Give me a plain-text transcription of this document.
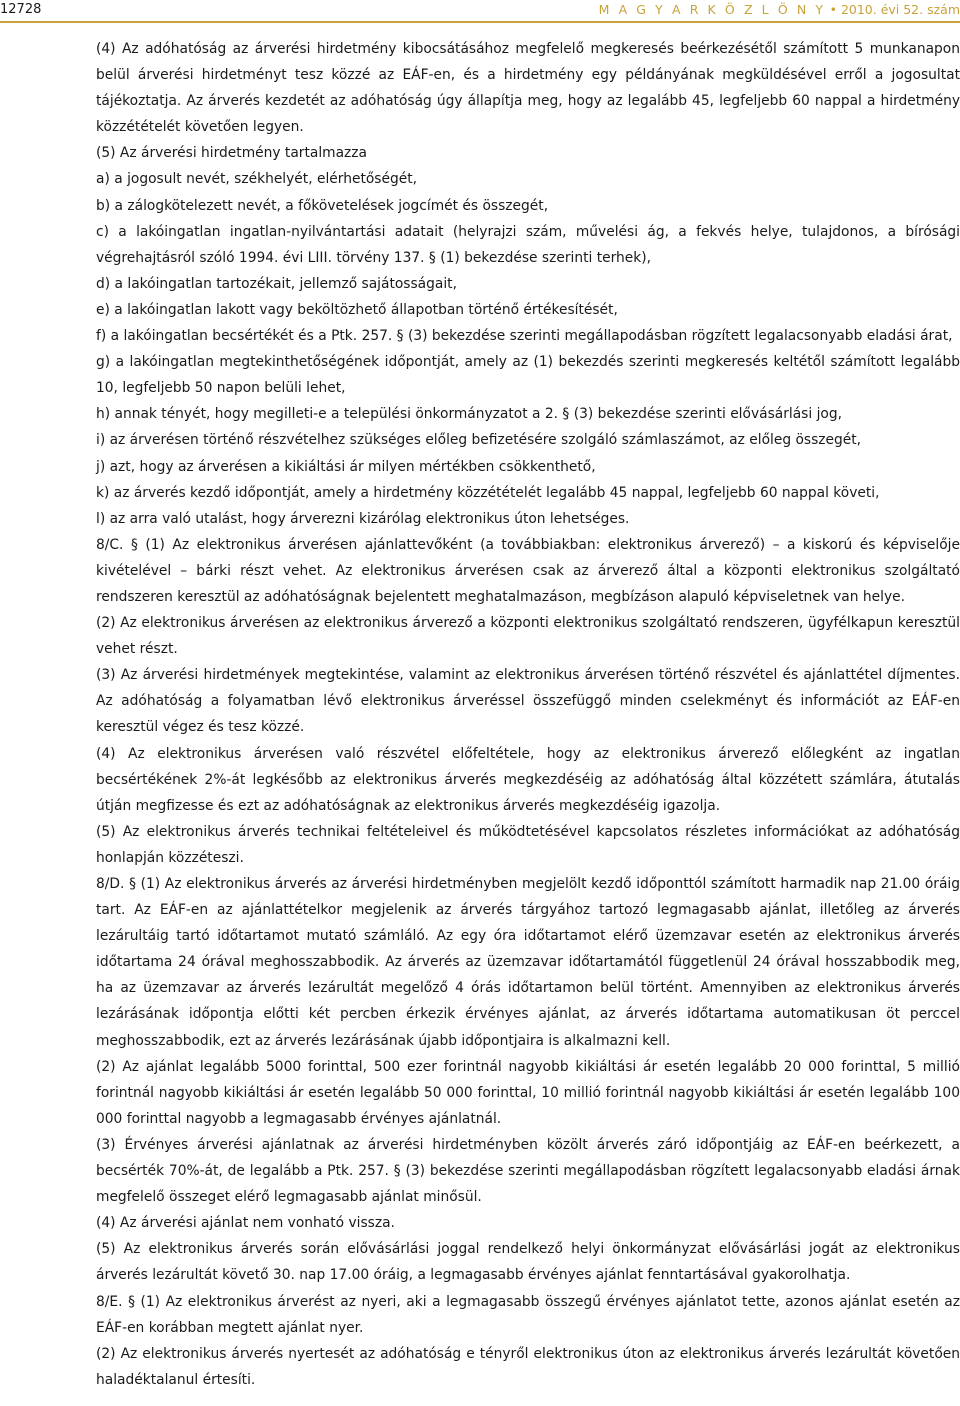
12728	M A G Y A R K Ö Z L Ö N Y • 2010. évi 52. szám

(4) Az adóhatóság az árverési hirdetmény kibocsátásához megfelelő megkeresés beérkezésétől számított 5 munkanapon belül árverési hirdetményt tesz közzé az EÁF-en, és a hirdetmény egy példányának megküldésével erről a jogosultat tájékoztatja. Az árverés kezdetét az adóhatóság úgy állapítja meg, hogy az legalább 45, legfeljebb 60 nappal a hirdetmény közzétételét követően legyen.

(5) Az árverési hirdetmény tartalmazza

a) a jogosult nevét, székhelyét, elérhetőségét,

b) a zálogkötelezett nevét, a főkövetelések jogcímét és összegét,

c) a lakóingatlan ingatlan-nyilvántartási adatait (helyrajzi szám, művelési ág, a fekvés helye, tulajdonos, a bírósági végrehajtásról szóló 1994. évi LIII. törvény 137. § (1) bekezdése szerinti terhek),

d) a lakóingatlan tartozékait, jellemző sajátosságait,

e) a lakóingatlan lakott vagy beköltözhető állapotban történő értékesítését,

f) a lakóingatlan becsértékét és a Ptk. 257. § (3) bekezdése szerinti megállapodásban rögzített legalacsonyabb eladási árat,

g) a lakóingatlan megtekinthetőségének időpontját, amely az (1) bekezdés szerinti megkeresés keltétől számított legalább 10, legfeljebb 50 napon belüli lehet,

h) annak tényét, hogy megilleti-e a települési önkormányzatot a 2. § (3) bekezdése szerinti elővásárlási jog,

i) az árverésen történő részvételhez szükséges előleg befizetésére szolgáló számlaszámot, az előleg összegét,

j) azt, hogy az árverésen a kikiáltási ár milyen mértékben csökkenthető,

k) az árverés kezdő időpontját, amely a hirdetmény közzétételét legalább 45 nappal, legfeljebb 60 nappal követi,

l) az arra való utalást, hogy árverezni kizárólag elektronikus úton lehetséges.

8/C. § (1) Az elektronikus árverésen ajánlattevőként (a továbbiakban: elektronikus árverező) – a kiskorú és képviselője kivételével – bárki részt vehet. Az elektronikus árverésen csak az árverező által a központi elektronikus szolgáltató rendszeren keresztül az adóhatóságnak bejelentett meghatalmazáson, megbízáson alapuló képviseletnek van helye.

(2) Az elektronikus árverésen az elektronikus árverező a központi elektronikus szolgáltató rendszeren, ügyfélkapun keresztül vehet részt.

(3) Az árverési hirdetmények megtekintése, valamint az elektronikus árverésen történő részvétel és ajánlattétel díjmentes. Az adóhatóság a folyamatban lévő elektronikus árveréssel összefüggő minden cselekményt és információt az EÁF-en keresztül végez és tesz közzé.

(4) Az elektronikus árverésen való részvétel előfeltétele, hogy az elektronikus árverező előlegként az ingatlan becsértékének 2%-át legkésőbb az elektronikus árverés megkezdéséig az adóhatóság által közzétett számlára, átutalás útján megfizesse és ezt az adóhatóságnak az elektronikus árverés megkezdéséig igazolja.

(5) Az elektronikus árverés technikai feltételeivel és működtetésével kapcsolatos részletes információkat az adóhatóság honlapján közzéteszi.

8/D. § (1) Az elektronikus árverés az árverési hirdetményben megjelölt kezdő időponttól számított harmadik nap 21.00 óráig tart. Az EÁF-en az ajánlattételkor megjelenik az árverés tárgyához tartozó legmagasabb ajánlat, illetőleg az árverés lezárultáig tartó időtartamot mutató számláló. Az egy óra időtartamot elérő üzemzavar esetén az elektronikus árverés időtartama 24 órával meghosszabbodik. Az árverés az üzemzavar időtartamától függetlenül 24 órával hosszabbodik meg, ha az üzemzavar az árverés lezárultát megelőző 4 órás időtartamon belül történt. Amennyiben az elektronikus árverés lezárásának időpontja előtti két percben érkezik érvényes ajánlat, az árverés időtartama automatikusan öt perccel meghosszabbodik, ezt az árverés lezárásának újabb időpontjaira is alkalmazni kell.

(2) Az ajánlat legalább 5000 forinttal, 500 ezer forintnál nagyobb kikiáltási ár esetén legalább 20 000 forinttal, 5 millió forintnál nagyobb kikiáltási ár esetén legalább 50 000 forinttal, 10 millió forintnál nagyobb kikiáltási ár esetén legalább 100 000 forinttal nagyobb a legmagasabb érvényes ajánlatnál.

(3) Érvényes árverési ajánlatnak az árverési hirdetményben közölt árverés záró időpontjáig az EÁF-en beérkezett, a becsérték 70%-át, de legalább a Ptk. 257. § (3) bekezdése szerinti megállapodásban rögzített legalacsonyabb eladási árnak megfelelő összeget elérő legmagasabb ajánlat minősül.

(4) Az árverési ajánlat nem vonható vissza.

(5) Az elektronikus árverés során elővásárlási joggal rendelkező helyi önkormányzat elővásárlási jogát az elektronikus árverés lezárultát követő 30. nap 17.00 óráig, a legmagasabb érvényes ajánlat fenntartásával gyakorolhatja.

8/E. § (1) Az elektronikus árverést az nyeri, aki a legmagasabb összegű érvényes ajánlatot tette, azonos ajánlat esetén az EÁF-en korábban megtett ajánlat nyer.

(2) Az elektronikus árverés nyertesét az adóhatóság e tényről elektronikus úton az elektronikus árverés lezárultát követően haladéktalanul értesíti.
